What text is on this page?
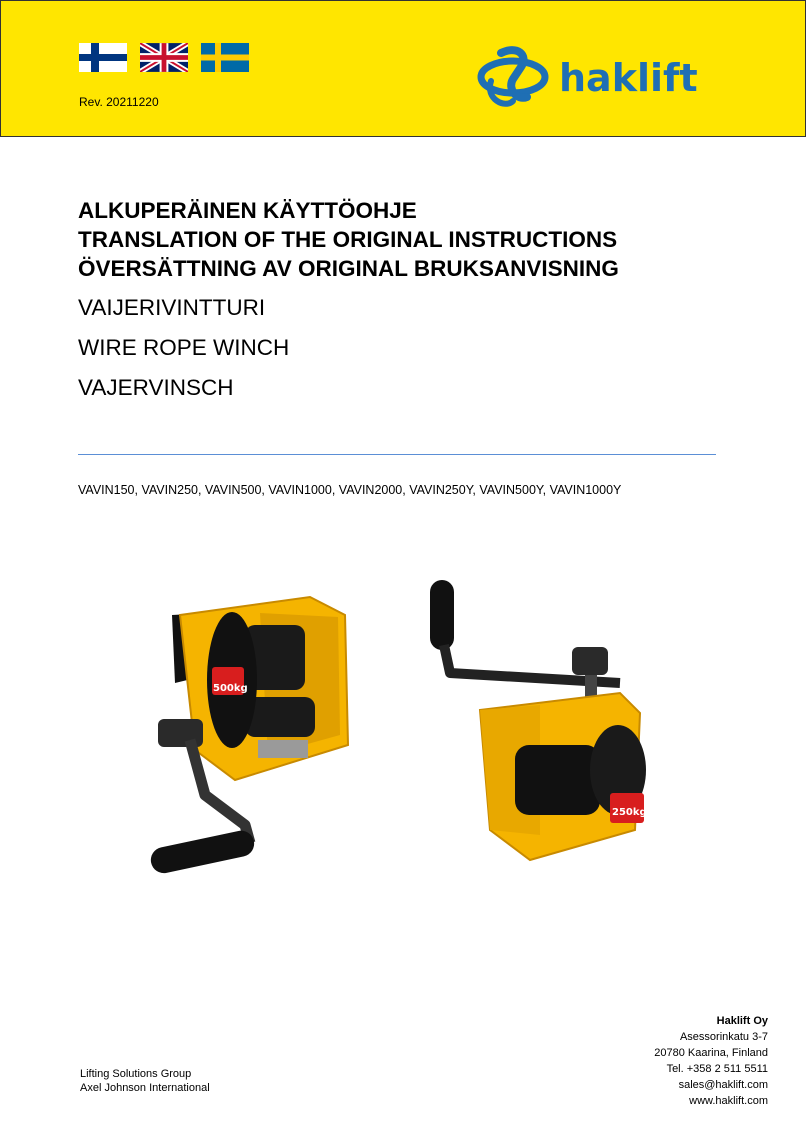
Rev. 20211220
haklift

ALKUPERÄINEN KÄYTTÖOHJE

TRANSLATION OF THE ORIGINAL INSTRUCTIONS

ÖVERSÄTTNING AV ORIGINAL BRUKSANVISNING

VAIJERIVINTTURI

WIRE ROPE WINCH

VAJERVINSCH

VAVIN150, VAVIN250, VAVIN500, VAVIN1000, VAVIN2000, VAVIN250Y, VAVIN500Y, VAVIN1000Y
500kg
250kg
Lifting Solutions Group
Axel Johnson International
Haklift Oy
Asessorinkatu 3-7
20780 Kaarina, Finland
Tel. +358 2 511 5511
sales@haklift.com
www.haklift.com
